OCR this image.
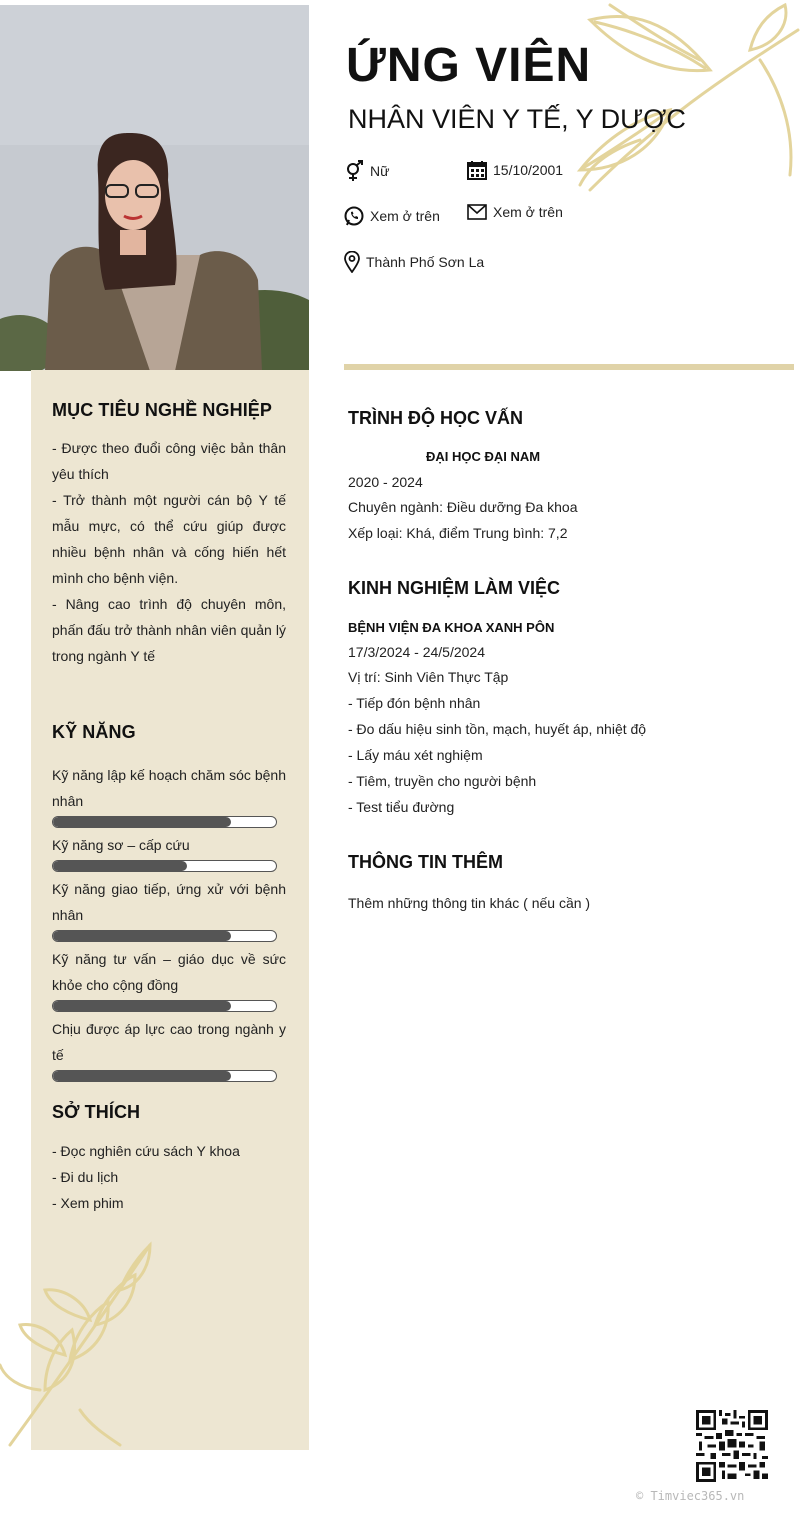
MỤC TIÊU NGHỀ NGHIỆP

- Được theo đuổi công việc bản thân yêu thích

- Trở thành một người cán bộ Y tế mẫu mực, có thể cứu giúp được nhiều bệnh nhân và cống hiến hết mình cho bệnh viện.

- Nâng cao trình độ chuyên môn, phấn đấu trở thành nhân viên quản lý trong ngành Y tế

KỸ NĂNG
Kỹ năng lập kế hoạch chăm sóc bệnh nhân
Kỹ năng sơ – cấp cứu
Kỹ năng giao tiếp, ứng xử với bệnh nhân
Kỹ năng tư vấn – giáo dục về sức khỏe cho cộng đồng
Chịu được áp lực cao trong ngành y tế
SỞ THÍCH

- Đọc nghiên cứu sách Y khoa

- Đi du lịch

- Xem phim

ỨNG VIÊN
NHÂN VIÊN Y TẾ, Y DƯỢC
Nữ	15/10/2001
Xem ở trên	Xem ở trên
Thành Phố Sơn La
TRÌNH ĐỘ HỌC VẤN
ĐẠI HỌC ĐẠI NAM
2020 - 2024
Chuyên ngành: Điều dưỡng Đa khoa
Xếp loại: Khá, điểm Trung bình: 7,2
KINH NGHIỆM LÀM VIỆC
BỆNH VIỆN ĐA KHOA XANH PÔN
17/3/2024 - 24/5/2024
Vị trí: Sinh Viên Thực Tập
- Tiếp đón bệnh nhân
- Đo dấu hiệu sinh tồn, mạch, huyết áp, nhiệt độ
- Lấy máu xét nghiệm
- Tiêm, truyền cho người bệnh
- Test tiểu đường
THÔNG TIN THÊM
Thêm những thông tin khác ( nếu cần )
© Timviec365.vn
